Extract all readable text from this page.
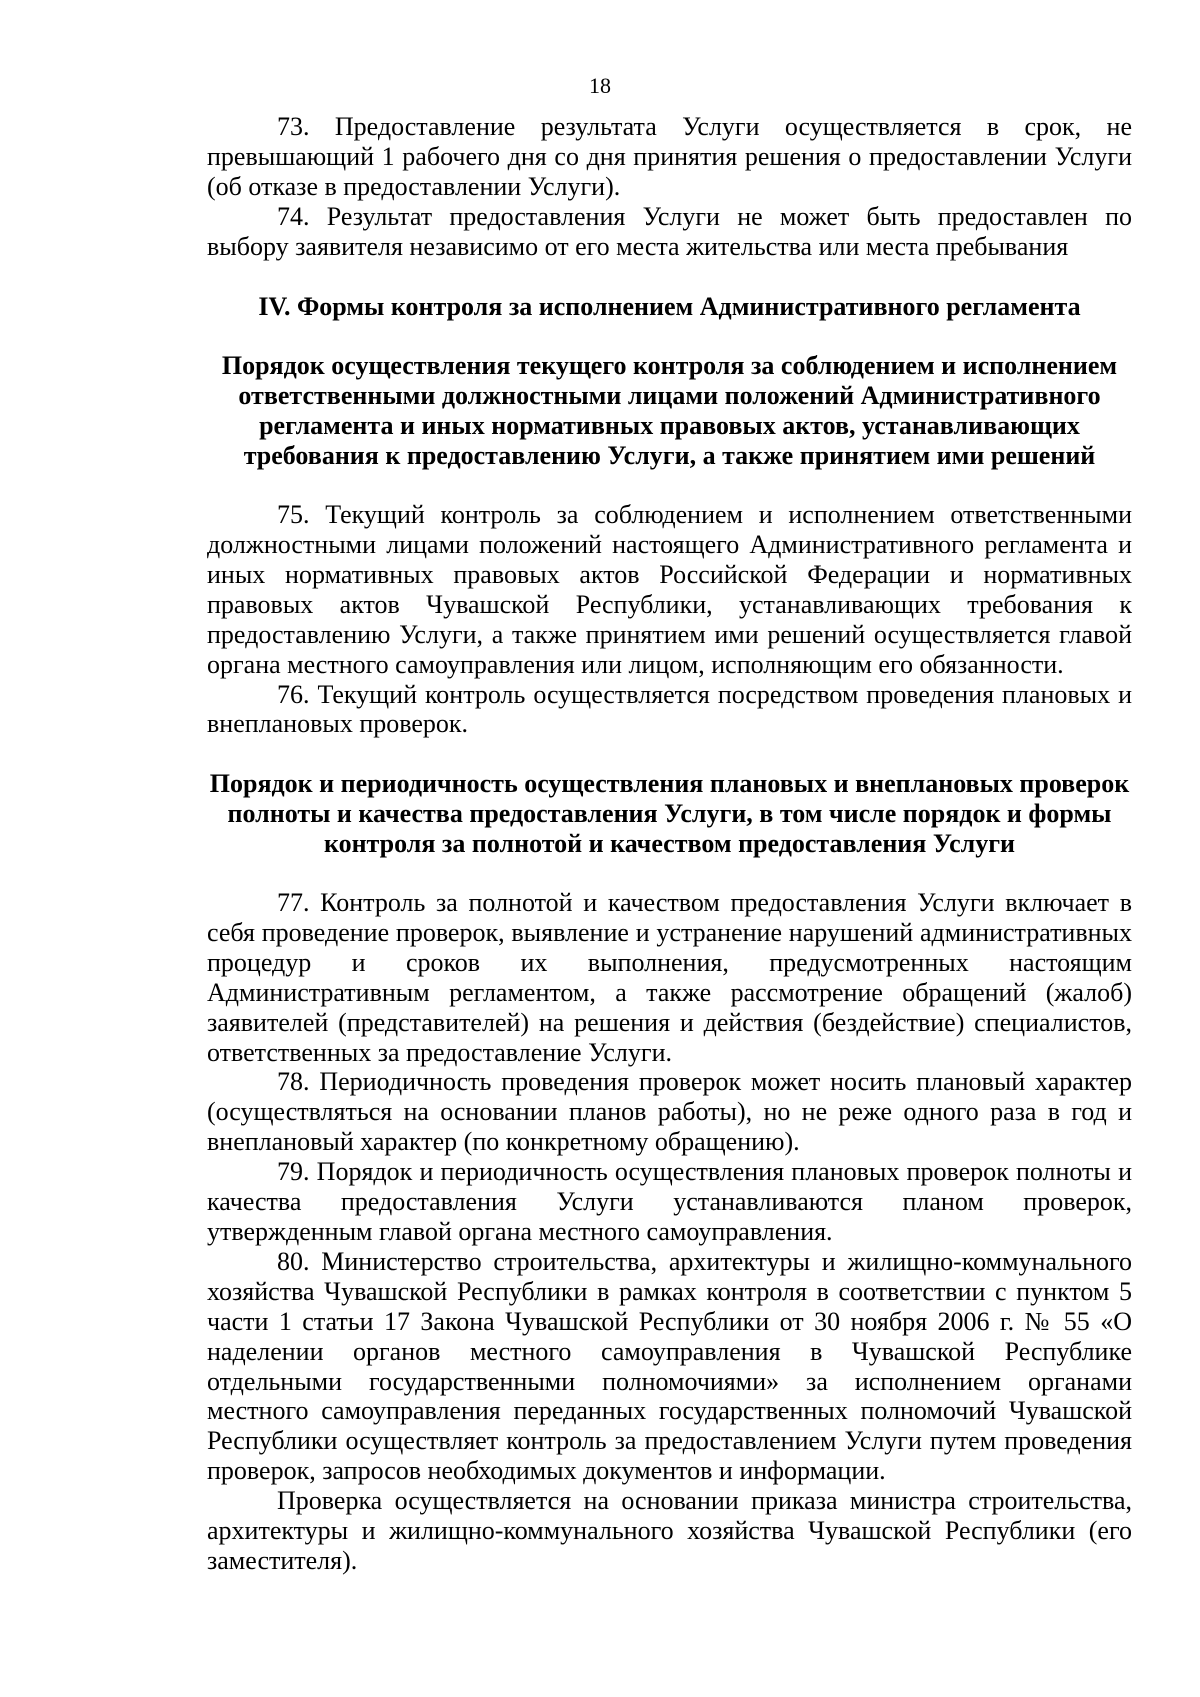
18

73. Предоставление результата Услуги осуществляется в срок, не превышающий 1 рабочего дня со дня принятия решения о предоставлении Услуги (об отказе в предоставлении Услуги).

74. Результат предоставления Услуги не может быть предоставлен по выбору заявителя независимо от его места жительства или места пребывания

IV. Формы контроля за исполнением Административного регламента
Порядок осуществления текущего контроля за соблюдением и исполнением ответственными должностными лицами положений Административного регламента и иных нормативных правовых актов, устанавливающих требования к предоставлению Услуги, а также принятием ими решений

75. Текущий контроль за соблюдением и исполнением ответственными должностными лицами положений настоящего Административного регламента и иных нормативных правовых актов Российской Федерации и нормативных правовых актов Чувашской Республики, устанавливающих требования к предоставлению Услуги, а также принятием ими решений осуществляется главой органа местного самоуправления или лицом, исполняющим его обязанности.

76. Текущий контроль осуществляется посредством проведения плановых и внеплановых проверок.

Порядок и периодичность осуществления плановых и внеплановых проверок полноты и качества предоставления Услуги, в том числе порядок и формы контроля за полнотой и качеством предоставления Услуги

77. Контроль за полнотой и качеством предоставления Услуги включает в себя проведение проверок, выявление и устранение нарушений административных процедур и сроков их выполнения, предусмотренных настоящим Административным регламентом, а также рассмотрение обращений (жалоб) заявителей (представителей) на решения и действия (бездействие) специалистов, ответственных за предоставление Услуги.

78. Периодичность проведения проверок может носить плановый характер (осуществляться на основании планов работы), но не реже одного раза в год и внеплановый характер (по конкретному обращению).

79. Порядок и периодичность осуществления плановых проверок полноты и качества предоставления Услуги устанавливаются планом проверок, утвержденным главой органа местного самоуправления.

80. Министерство строительства, архитектуры и жилищно-коммунального хозяйства Чувашской Республики в рамках контроля в соответствии с пунктом 5 части 1 статьи 17 Закона Чувашской Республики от 30 ноября 2006 г. № 55 «О наделении органов местного самоуправления в Чувашской Республике отдельными государственными полномочиями» за исполнением органами местного самоуправления переданных государственных полномочий Чувашской Республики осуществляет контроль за предоставлением Услуги путем проведения проверок, запросов необходимых документов и информации.

Проверка осуществляется на основании приказа министра строительства, архитектуры и жилищно-коммунального хозяйства Чувашской Республики (его заместителя).
